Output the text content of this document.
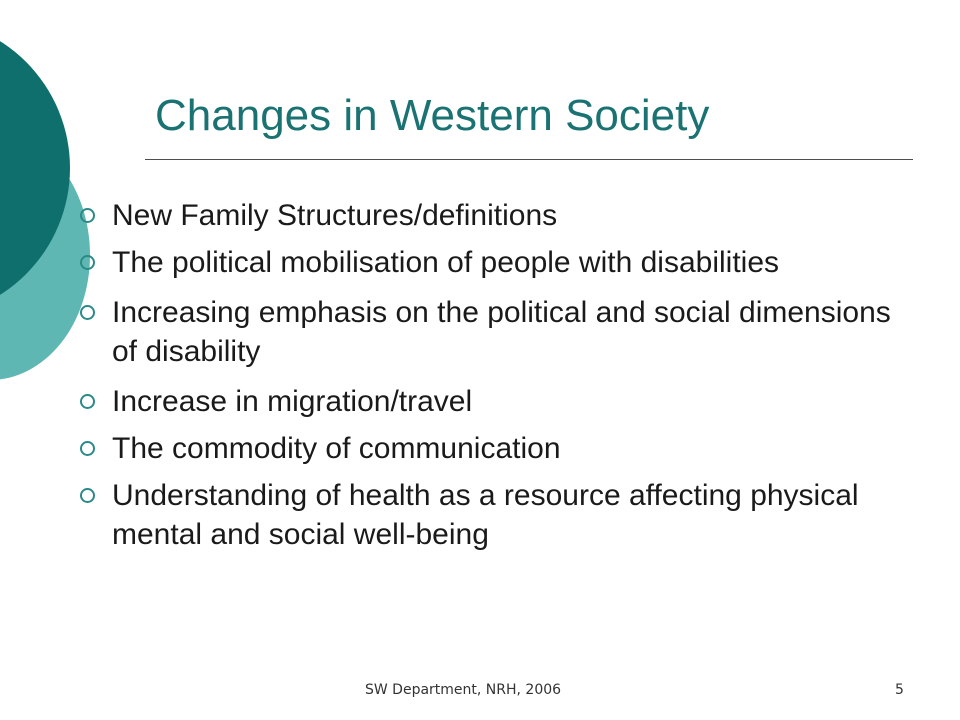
Changes in Western Society
New Family Structures/definitions
The political mobilisation of people with disabilities
Increasing emphasis on the political and social dimensions of disability
Increase in migration/travel
The commodity of communication
Understanding of health as a resource affecting physical mental and social well-being
SW Department, NRH, 2006	5
